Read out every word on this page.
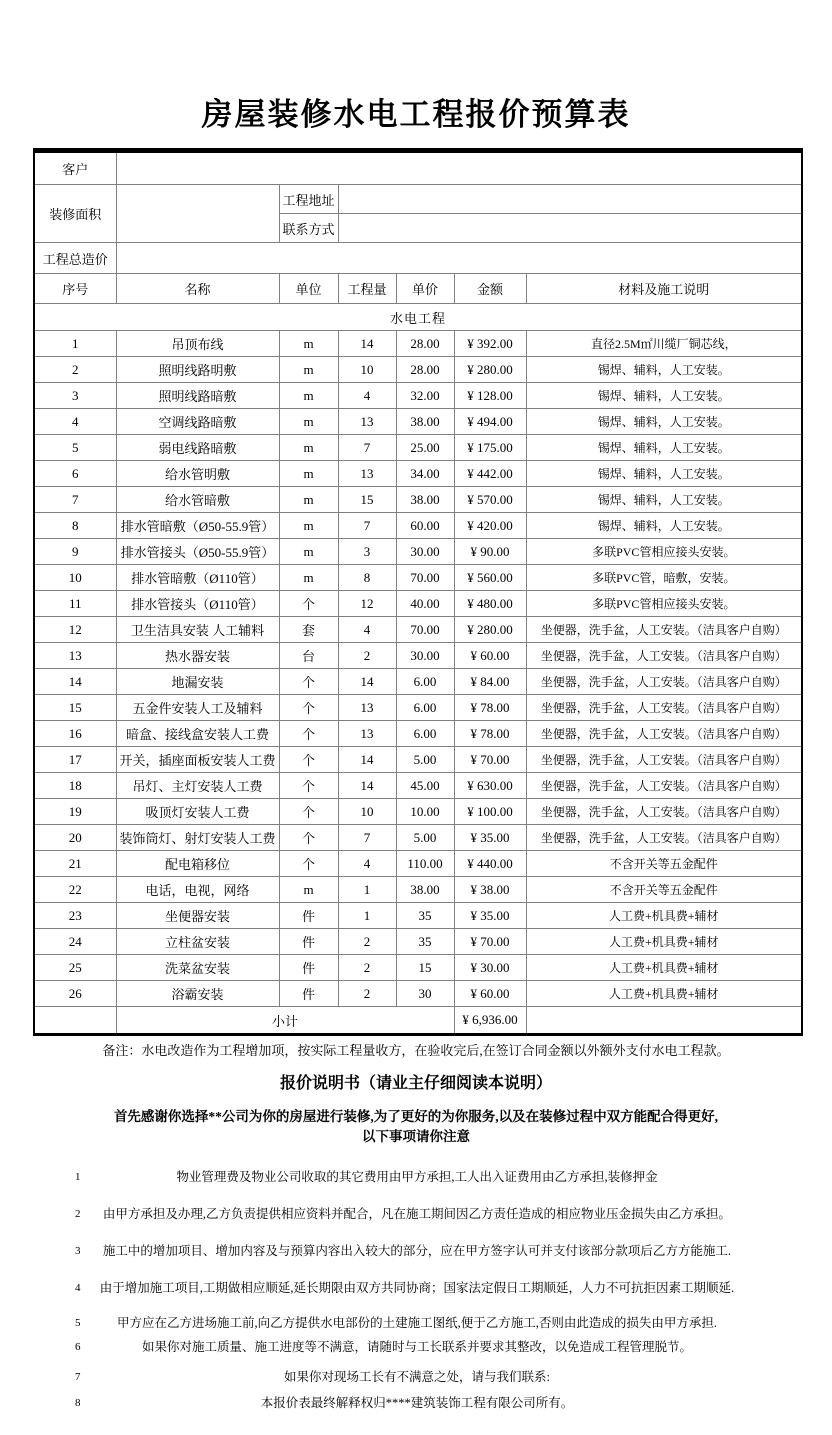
房屋装修水电工程报价预算表
客户						
装修面积		工程地址				
		联系方式				
工程总造价						
序号	名称	单位	工程量	单价	金额	材料及施工说明
水电工程						
1	吊顶布线	m	14	28.00	¥ 392.00	直径2.5M㎡川缆厂铜芯线，
2	照明线路明敷	m	10	28.00	¥ 280.00	锡焊、辅料，人工安装。
3	照明线路暗敷	m	4	32.00	¥ 128.00	锡焊、辅料，人工安装。
4	空调线路暗敷	m	13	38.00	¥ 494.00	锡焊、辅料，人工安装。
5	弱电线路暗敷	m	7	25.00	¥ 175.00	锡焊、辅料，人工安装。
6	给水管明敷	m	13	34.00	¥ 442.00	锡焊、辅料，人工安装。
7	给水管暗敷	m	15	38.00	¥ 570.00	锡焊、辅料，人工安装。
8	排水管暗敷（Ø50-55.9管）	m	7	60.00	¥ 420.00	锡焊、辅料，人工安装。
9	排水管接头（Ø50-55.9管）	m	3	30.00	¥ 90.00	多联PVC管相应接头安装。
10	排水管暗敷（Ø110管）	m	8	70.00	¥ 560.00	多联PVC管，暗敷，安装。
11	排水管接头（Ø110管）	个	12	40.00	¥ 480.00	多联PVC管相应接头安装。
12	卫生洁具安装 人工辅料	套	4	70.00	¥ 280.00	坐便器，洗手盆，人工安装。（洁具客户自购）
13	热水器安装	台	2	30.00	¥ 60.00	坐便器，洗手盆，人工安装。（洁具客户自购）
14	地漏安装	个	14	6.00	¥ 84.00	坐便器，洗手盆，人工安装。（洁具客户自购）
15	五金件安装人工及辅料	个	13	6.00	¥ 78.00	坐便器，洗手盆，人工安装。（洁具客户自购）
16	暗盒、接线盒安装人工费	个	13	6.00	¥ 78.00	坐便器，洗手盆，人工安装。（洁具客户自购）
17	开关，插座面板安装人工费	个	14	5.00	¥ 70.00	坐便器，洗手盆，人工安装。（洁具客户自购）
18	吊灯、主灯安装人工费	个	14	45.00	¥ 630.00	坐便器，洗手盆，人工安装。（洁具客户自购）
19	吸顶灯安装人工费	个	10	10.00	¥ 100.00	坐便器，洗手盆，人工安装。（洁具客户自购）
20	装饰筒灯、射灯安装人工费	个	7	5.00	¥ 35.00	坐便器，洗手盆，人工安装。（洁具客户自购）
21	配电箱移位	个	4	110.00	¥ 440.00	不含开关等五金配件
22	电话，电视，网络	m	1	38.00	¥ 38.00	不含开关等五金配件
23	坐便器安装	件	1	35	¥ 35.00	人工费+机具费+辅材
24	立柱盆安装	件	2	35	¥ 70.00	人工费+机具费+辅材
25	洗菜盆安装	件	2	15	¥ 30.00	人工费+机具费+辅材
26	浴霸安装	件	2	30	¥ 60.00	人工费+机具费+辅材
	小计				¥ 6,936.00	
备注：水电改造作为工程增加项，按实际工程量收方，在验收完后,在签订合同金额以外额外支付水电工程款。
报价说明书（请业主仔细阅读本说明）
首先感谢你选择**公司为你的房屋进行装修,为了更好的为你服务,以及在装修过程中双方能配合得更好,
以下事项请你注意
1	物业管理费及物业公司收取的其它费用由甲方承担,工人出入证费用由乙方承担,装修押金
2 由甲方承担及办理,乙方负责提供相应资料并配合，凡在施工期间因乙方责任造成的相应物业压金损失由乙方承担。
3 施工中的增加项目、增加内容及与预算内容出入较大的部分，应在甲方签字认可并支付该部分款项后乙方方能施工.
4 由于增加施工项目,工期做相应顺延,延长期限由双方共同协商；国家法定假日工期顺延，人力不可抗拒因素工期顺延.
5	甲方应在乙方进场施工前,向乙方提供水电部份的土建施工图纸,便于乙方施工,否则由此造成的损失由甲方承担.
6	如果你对施工质量、施工进度等不满意，请随时与工长联系并要求其整改，以免造成工程管理脱节。
7	如果你对现场工长有不满意之处，请与我们联系:
8	本报价表最终解释权归****建筑装饰工程有限公司所有。
